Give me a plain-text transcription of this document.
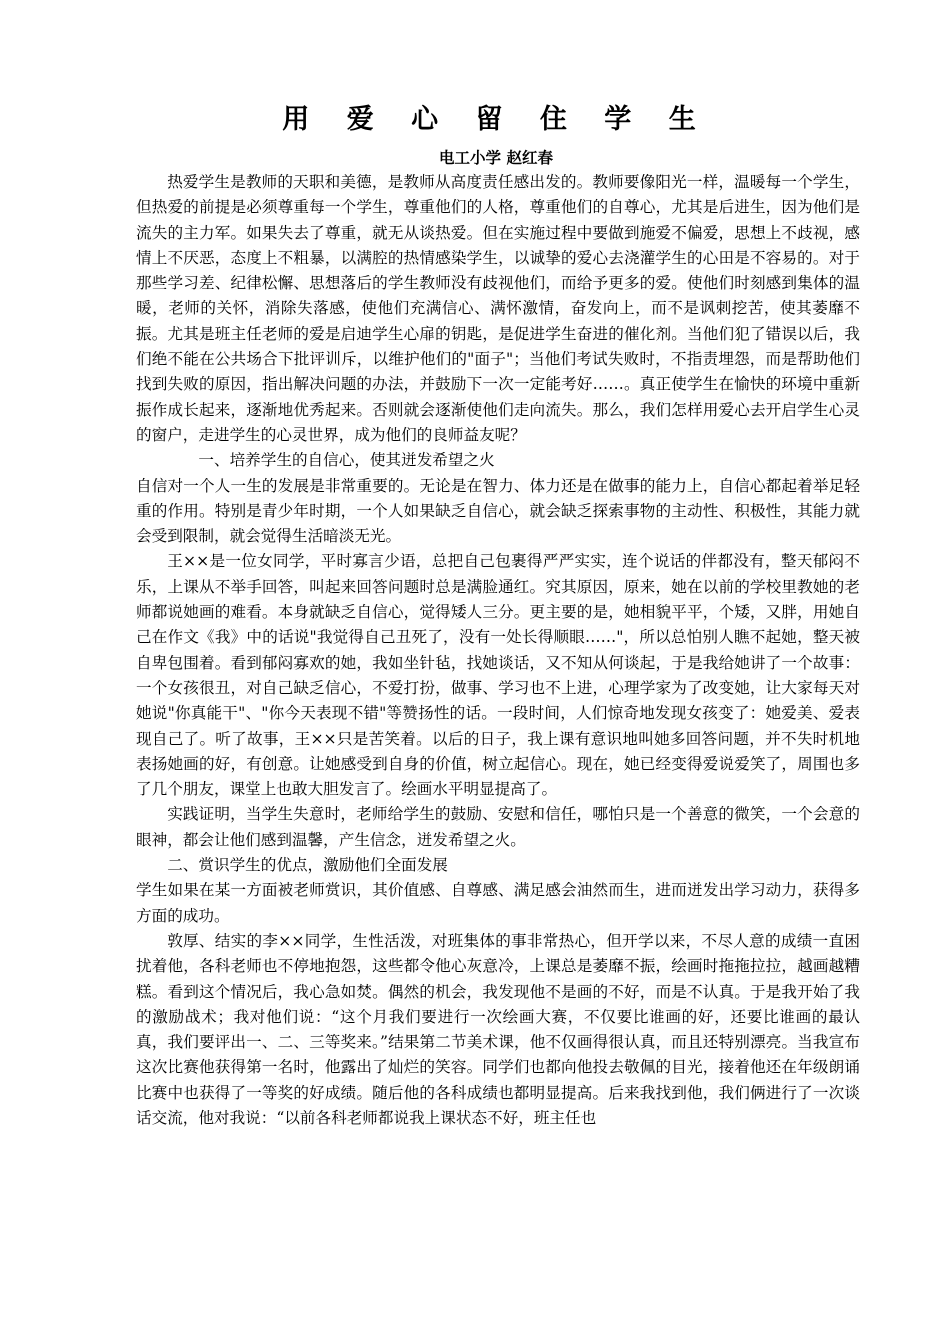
用 爱 心 留 住 学 生
电工小学 赵红春

热爱学生是教师的天职和美德，是教师从高度责任感出发的。教师要像阳光一样，温暖每一个学生，但热爱的前提是必须尊重每一个学生，尊重他们的人格，尊重他们的自尊心，尤其是后进生，因为他们是流失的主力军。如果失去了尊重，就无从谈热爱。但在实施过程中要做到施爱不偏爱，思想上不歧视，感情上不厌恶，态度上不粗暴，以满腔的热情感染学生，以诚挚的爱心去浇灌学生的心田是不容易的。对于那些学习差、纪律松懈、思想落后的学生教师没有歧视他们，而给予更多的爱。使他们时刻感到集体的温暖，老师的关怀，消除失落感，使他们充满信心、满怀激情，奋发向上，而不是讽刺挖苦，使其萎靡不振。尤其是班主任老师的爱是启迪学生心扉的钥匙，是促进学生奋进的催化剂。当他们犯了错误以后，我们绝不能在公共场合下批评训斥，以维护他们的"面子"；当他们考试失败时，不指责埋怨，而是帮助他们找到失败的原因，指出解决问题的办法，并鼓励下一次一定能考好……。真正使学生在愉快的环境中重新振作成长起来，逐渐地优秀起来。否则就会逐渐使他们走向流失。那么，我们怎样用爱心去开启学生心灵的窗户，走进学生的心灵世界，成为他们的良师益友呢？

一、培养学生的自信心，使其迸发希望之火

自信对一个人一生的发展是非常重要的。无论是在智力、体力还是在做事的能力上，自信心都起着举足轻重的作用。特别是青少年时期，一个人如果缺乏自信心，就会缺乏探索事物的主动性、积极性，其能力就会受到限制，就会觉得生活暗淡无光。

王××是一位女同学，平时寡言少语，总把自己包裹得严严实实，连个说话的伴都没有，整天郁闷不乐，上课从不举手回答，叫起来回答问题时总是满脸通红。究其原因，原来，她在以前的学校里教她的老师都说她画的难看。本身就缺乏自信心，觉得矮人三分。更主要的是，她相貌平平，个矮，又胖，用她自己在作文《我》中的话说"我觉得自己丑死了，没有一处长得顺眼……"，所以总怕别人瞧不起她，整天被自卑包围着。看到郁闷寡欢的她，我如坐针毡，找她谈话，又不知从何谈起，于是我给她讲了一个故事：一个女孩很丑，对自己缺乏信心，不爱打扮，做事、学习也不上进，心理学家为了改变她，让大家每天对她说"你真能干"、"你今天表现不错"等赞扬性的话。一段时间，人们惊奇地发现女孩变了：她爱美、爱表现自己了。听了故事，王××只是苦笑着。以后的日子，我上课有意识地叫她多回答问题，并不失时机地表扬她画的好，有创意。让她感受到自身的价值，树立起信心。现在，她已经变得爱说爱笑了，周围也多了几个朋友，课堂上也敢大胆发言了。绘画水平明显提高了。

实践证明，当学生失意时，老师给学生的鼓励、安慰和信任，哪怕只是一个善意的微笑，一个会意的眼神，都会让他们感到温馨，产生信念，迸发希望之火。

二、赏识学生的优点，激励他们全面发展

学生如果在某一方面被老师赏识，其价值感、自尊感、满足感会油然而生，进而迸发出学习动力，获得多方面的成功。

敦厚、结实的李××同学，生性活泼，对班集体的事非常热心，但开学以来，不尽人意的成绩一直困扰着他，各科老师也不停地抱怨，这些都令他心灰意冷，上课总是萎靡不振，绘画时拖拖拉拉，越画越糟糕。看到这个情况后，我心急如焚。偶然的机会，我发现他不是画的不好，而是不认真。于是我开始了我的激励战术；我对他们说：“这个月我们要进行一次绘画大赛，不仅要比谁画的好，还要比谁画的最认真，我们要评出一、二、三等奖来。”结果第二节美术课，他不仅画得很认真，而且还特别漂亮。当我宣布这次比赛他获得第一名时，他露出了灿烂的笑容。同学们也都向他投去敬佩的目光，接着他还在年级朗诵比赛中也获得了一等奖的好成绩。随后他的各科成绩也都明显提高。后来我找到他，我们俩进行了一次谈话交流，他对我说：“以前各科老师都说我上课状态不好，班主任也
